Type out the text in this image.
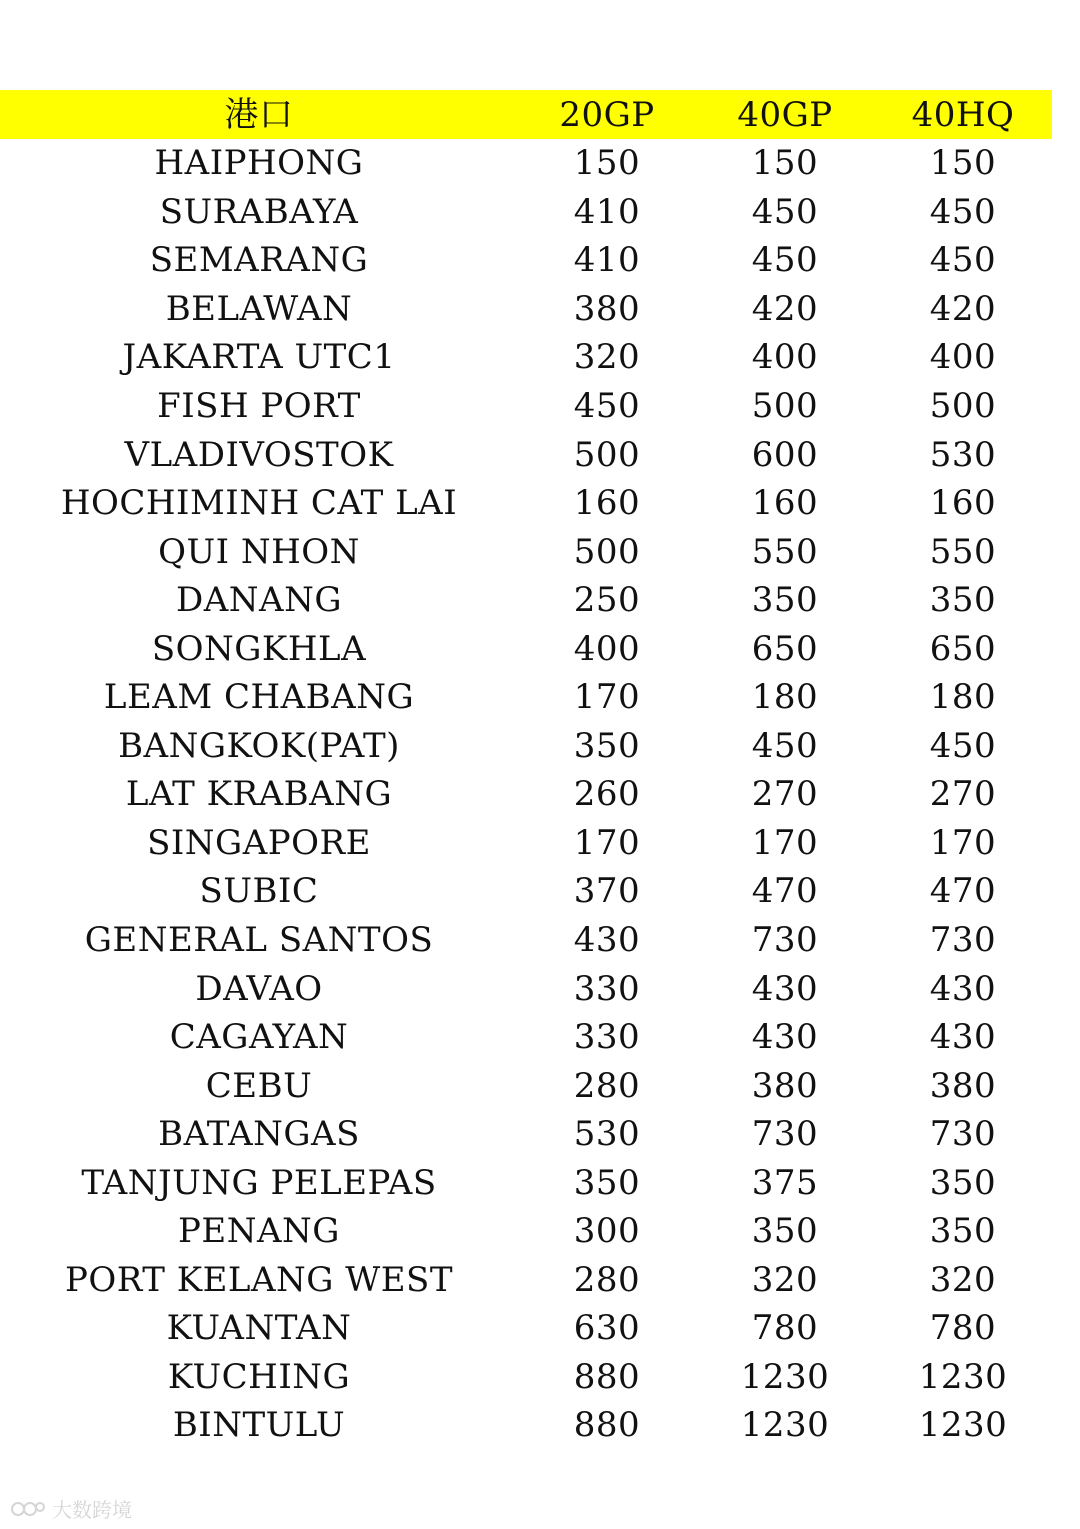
港口	20GP	40GP	40HQ
HAIPHONG	150	150	150
SURABAYA	410	450	450
SEMARANG	410	450	450
BELAWAN	380	420	420
JAKARTA UTC1	320	400	400
FISH PORT	450	500	500
VLADIVOSTOK	500	600	530
HOCHIMINH CAT LAI	160	160	160
QUI NHON	500	550	550
DANANG	250	350	350
SONGKHLA	400	650	650
LEAM CHABANG	170	180	180
BANGKOK(PAT)	350	450	450
LAT KRABANG	260	270	270
SINGAPORE	170	170	170
SUBIC	370	470	470
GENERAL SANTOS	430	730	730
DAVAO	330	430	430
CAGAYAN	330	430	430
CEBU	280	380	380
BATANGAS	530	730	730
TANJUNG PELEPAS	350	375	350
PENANG	300	350	350
PORT KELANG WEST	280	320	320
KUANTAN	630	780	780
KUCHING	880	1230	1230
BINTULU	880	1230	1230
大数跨境
